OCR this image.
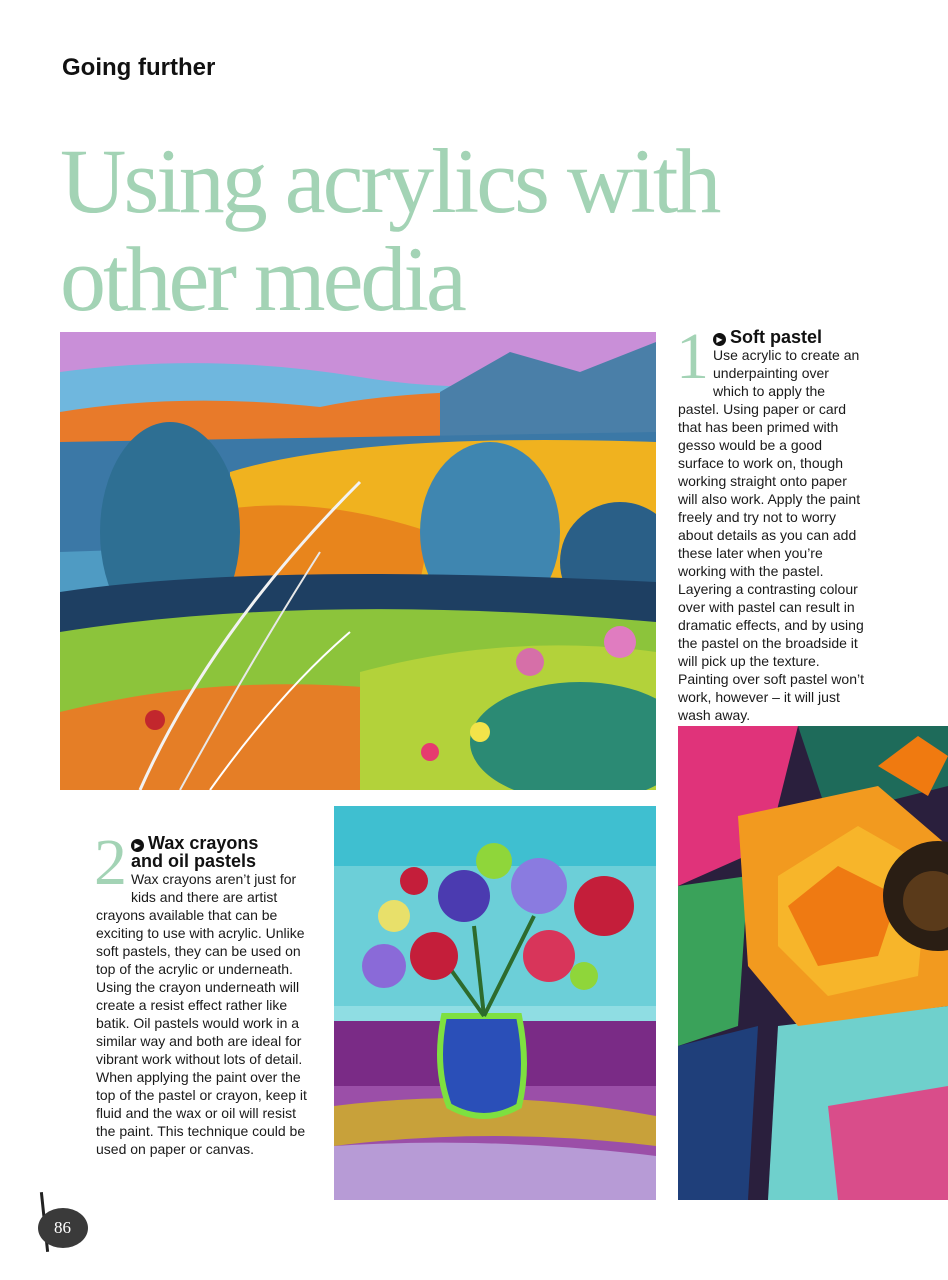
Going further
Using acrylics with
other media
1 ▶ Soft pastel
Use acrylic to create an underpainting over which to apply the pastel. Using paper or card that has been primed with gesso would be a good surface to work on, though working straight onto paper will also work. Apply the paint freely and try not to worry about details as you can add these later when you’re working with the pastel. Layering a contrasting colour over with pastel can result in dramatic effects, and by using the pastel on the broadside it will pick up the texture. Painting over soft pastel won’t work, however – it will just wash away.
2 ▶ Wax crayons
and oil pastels
Wax crayons aren’t just for kids and there are artist crayons available that can be exciting to use with acrylic. Unlike soft pastels, they can be used on top of the acrylic or underneath. Using the crayon underneath will create a resist effect rather like batik. Oil pastels would work in a similar way and both are ideal for vibrant work without lots of detail. When applying the paint over the top of the pastel or crayon, keep it fluid and the wax or oil will resist the paint. This technique could be used on paper or canvas.
86
